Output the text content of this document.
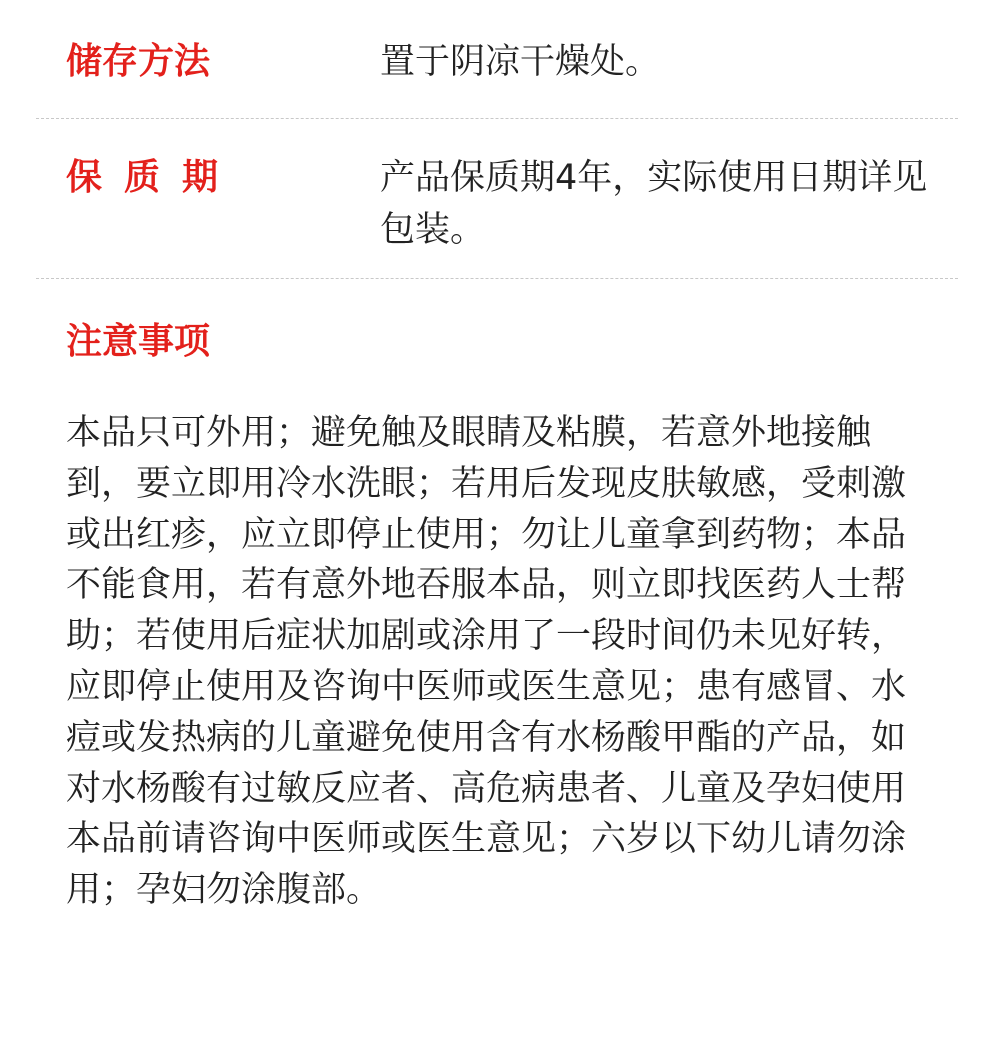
储存方法	置于阴凉干燥处。
保质期	产品保质期4年，实际使用日期详见包装。
注意事项
本品只可外用；避免触及眼睛及粘膜，若意外地接触到，要立即用冷水洗眼；若用后发现皮肤敏感，受刺激或出红疹，应立即停止使用；勿让儿童拿到药物；本品不能食用，若有意外地吞服本品，则立即找医药人士帮助；若使用后症状加剧或涂用了一段时间仍未见好转，应即停止使用及咨询中医师或医生意见；患有感冒、水痘或发热病的儿童避免使用含有水杨酸甲酯的产品，如对水杨酸有过敏反应者、高危病患者、儿童及孕妇使用本品前请咨询中医师或医生意见；六岁以下幼儿请勿涂用；孕妇勿涂腹部。
